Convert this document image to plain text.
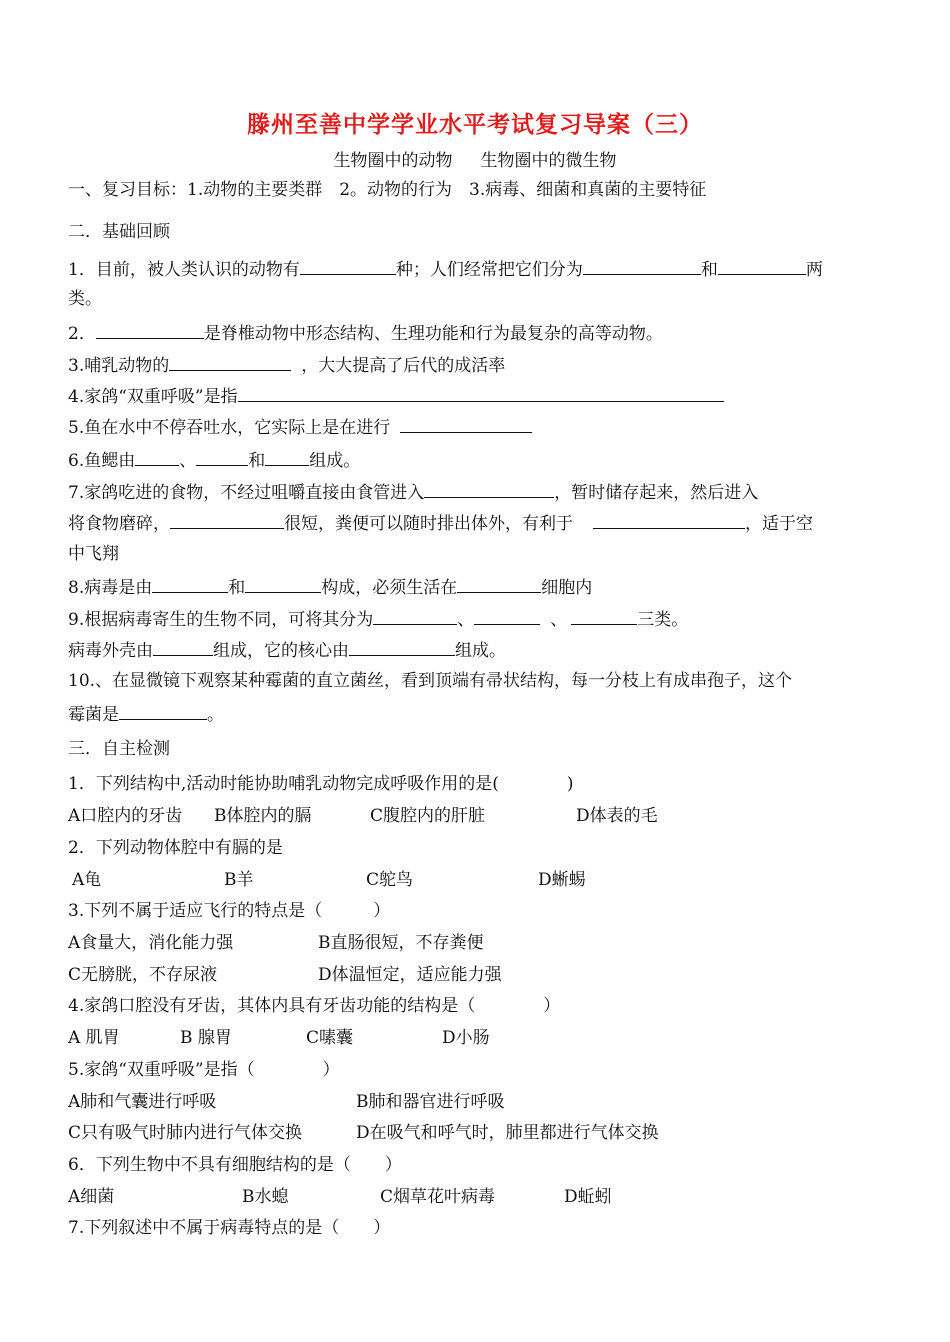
滕州至善中学学业水平考试复习导案（三）
生物圈中的动物 生物圈中的微生物
一、复习目标：1.动物的主要类群　2。动物的行为　3.病毒、细菌和真菌的主要特征
二．基础回顾
1．目前，被人类认识的动物有	种；人们经常把它们分为	和	两
类。
2．	是脊椎动物中形态结构、生理功能和行为最复杂的高等动物。
3.哺乳动物的	，大大提高了后代的成活率
4.家鸽“双重呼吸”是指
5.鱼在水中不停吞吐水，它实际上是在进行
6.鱼鳃由	、	和	组成。
7.家鸽吃进的食物，不经过咀嚼直接由食管进入	，暂时储存起来，然后进入
将食物磨碎，	很短，粪便可以随时排出体外，有利于	，适于空
中飞翔
8.病毒是由	和	构成，必须生活在	细胞内
9.根据病毒寄生的生物不同，可将其分为	、	、	三类。
病毒外壳由	组成，它的核心由	组成。
10.、在显微镜下观察某种霉菌的直立菌丝，看到顶端有帚状结构，每一分枝上有成串孢子，这个
霉菌是	。
三．自主检测
1．下列结构中,活动时能协助哺乳动物完成呼吸作用的是(　　　　)
A口腔内的牙齿 B体腔内的膈	C腹腔内的肝脏	D体表的毛
2．下列动物体腔中有膈的是
A龟	B羊	C鸵鸟	D蜥蜴
3.下列不属于适应飞行的特点是（　　　）
A食量大，消化能力强	B直肠很短，不存粪便
C无膀胱，不存尿液	D体温恒定，适应能力强
4.家鸽口腔没有牙齿，其体内具有牙齿功能的结构是（　　　　）
A 肌胃	B 腺胃	C嗉囊	D小肠
5.家鸽“双重呼吸”是指（　　　　）
A肺和气囊进行呼吸	B肺和器官进行呼吸
C只有吸气时肺内进行气体交换	D在吸气和呼气时，肺里都进行气体交换
6．下列生物中不具有细胞结构的是（　　）
A细菌	B水螅	C烟草花叶病毒	D蚯蚓
7.下列叙述中不属于病毒特点的是（　　）
